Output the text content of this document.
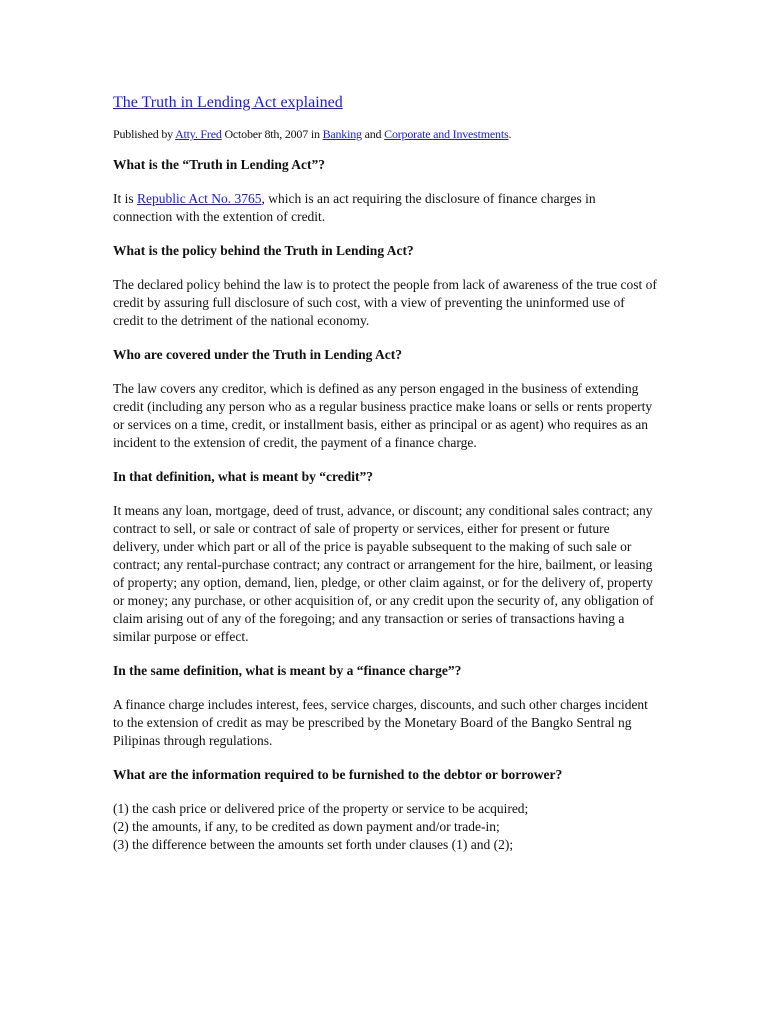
The Truth in Lending Act explained
Published by Atty. Fred October 8th, 2007 in Banking and Corporate and Investments.
What is the “Truth in Lending Act”?
It is Republic Act No. 3765, which is an act requiring the disclosure of finance charges in connection with the extention of credit.
What is the policy behind the Truth in Lending Act?
The declared policy behind the law is to protect the people from lack of awareness of the true cost of credit by assuring full disclosure of such cost, with a view of preventing the uninformed use of credit to the detriment of the national economy.
Who are covered under the Truth in Lending Act?
The law covers any creditor, which is defined as any person engaged in the business of extending credit (including any person who as a regular business practice make loans or sells or rents property or services on a time, credit, or installment basis, either as principal or as agent) who requires as an incident to the extension of credit, the payment of a finance charge.
In that definition, what is meant by “credit”?
It means any loan, mortgage, deed of trust, advance, or discount; any conditional sales contract; any contract to sell, or sale or contract of sale of property or services, either for present or future delivery, under which part or all of the price is payable subsequent to the making of such sale or contract; any rental-purchase contract; any contract or arrangement for the hire, bailment, or leasing of property; any option, demand, lien, pledge, or other claim against, or for the delivery of, property or money; any purchase, or other acquisition of, or any credit upon the security of, any obligation of claim arising out of any of the foregoing; and any transaction or series of transactions having a similar purpose or effect.
In the same definition, what is meant by a “finance charge”?
A finance charge includes interest, fees, service charges, discounts, and such other charges incident to the extension of credit as may be prescribed by the Monetary Board of the Bangko Sentral ng Pilipinas through regulations.
What are the information required to be furnished to the debtor or borrower?
(1) the cash price or delivered price of the property or service to be acquired;
(2) the amounts, if any, to be credited as down payment and/or trade-in;
(3) the difference between the amounts set forth under clauses (1) and (2);
